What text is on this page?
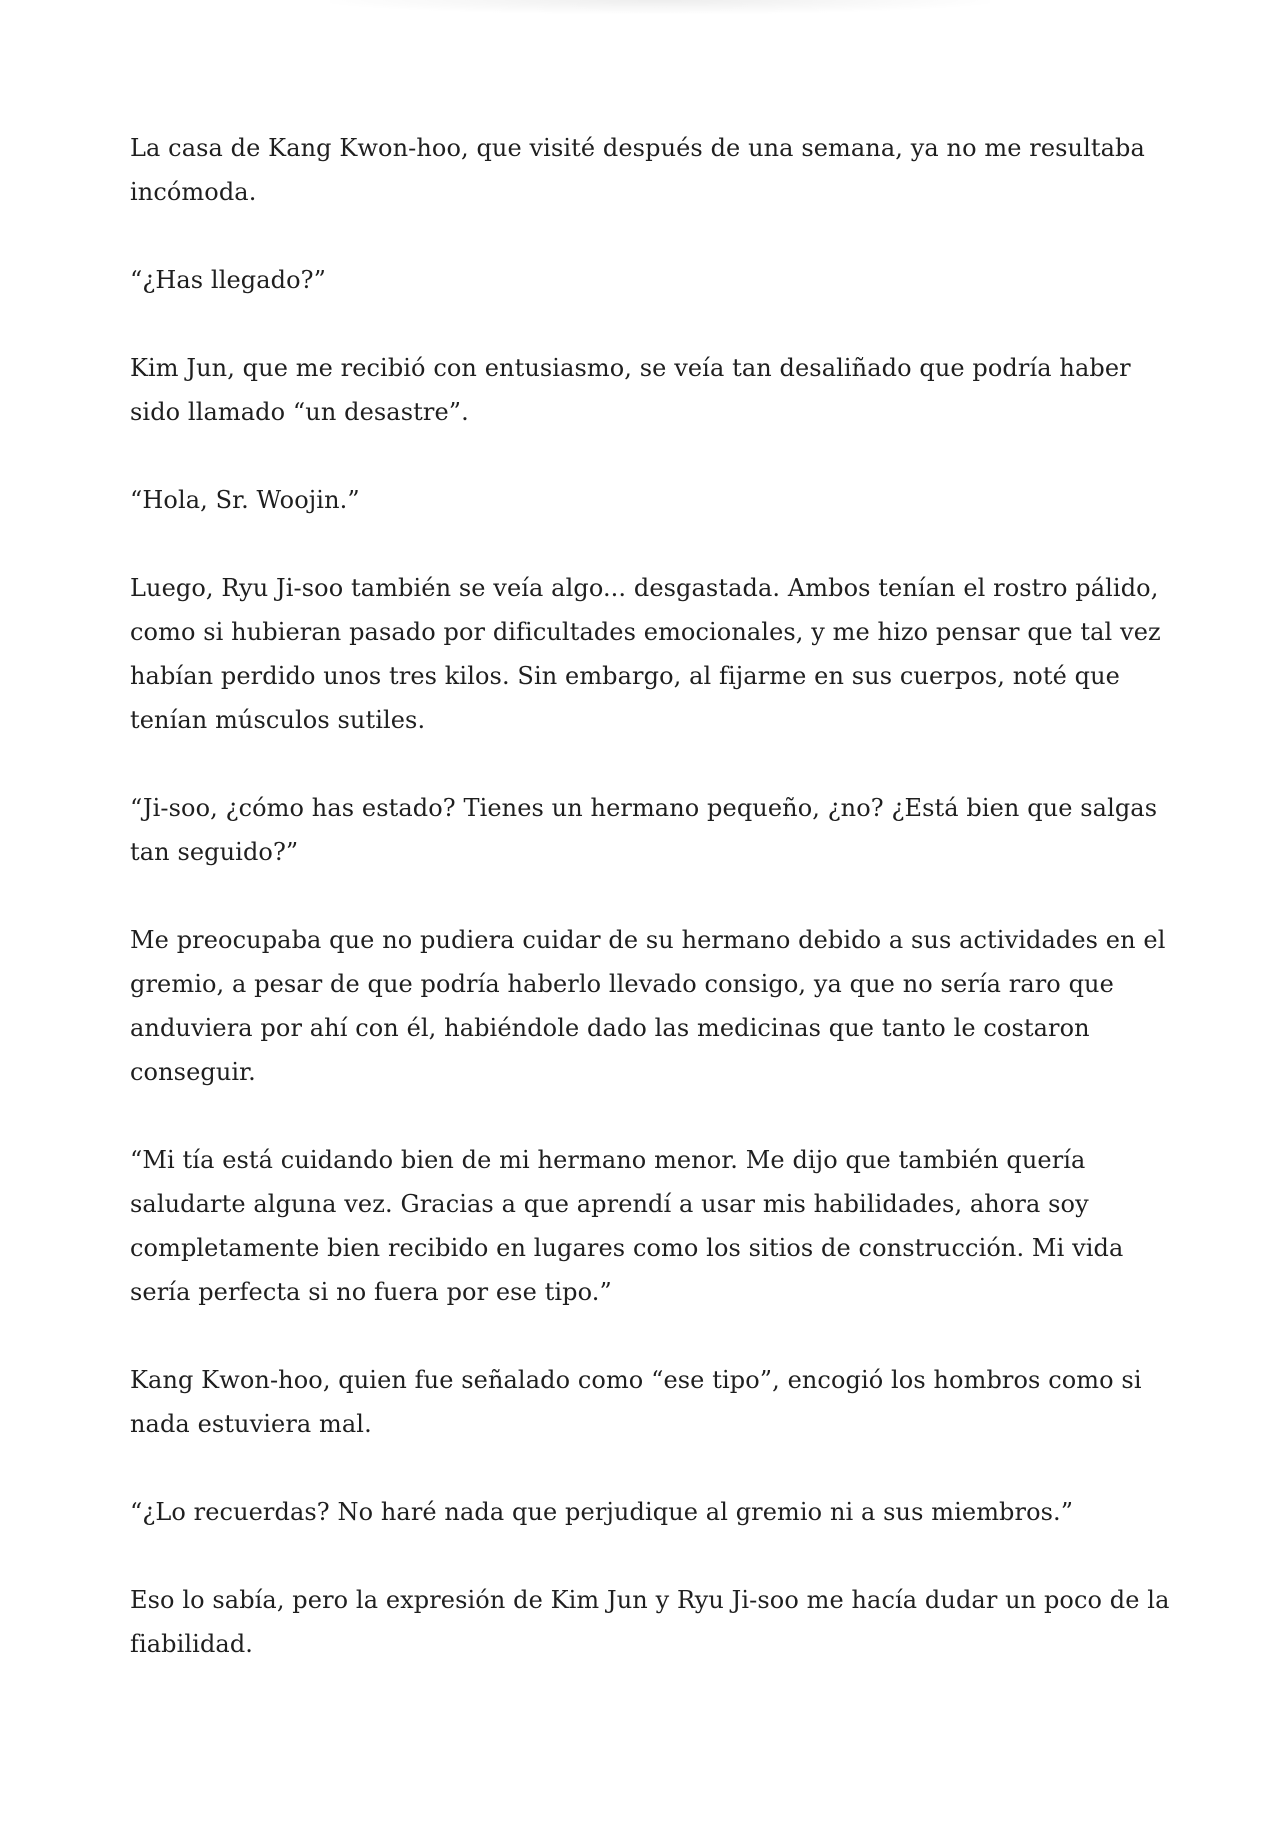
La casa de Kang Kwon-hoo, que visité después de una semana, ya no me resultaba incómoda.

“¿Has llegado?”

Kim Jun, que me recibió con entusiasmo, se veía tan desaliñado que podría haber sido llamado “un desastre”.

“Hola, Sr. Woojin.”

Luego, Ryu Ji-soo también se veía algo... desgastada. Ambos tenían el rostro pálido, como si hubieran pasado por dificultades emocionales, y me hizo pensar que tal vez habían perdido unos tres kilos. Sin embargo, al fijarme en sus cuerpos, noté que tenían músculos sutiles.

“Ji-soo, ¿cómo has estado? Tienes un hermano pequeño, ¿no? ¿Está bien que salgas tan seguido?”

Me preocupaba que no pudiera cuidar de su hermano debido a sus actividades en el gremio, a pesar de que podría haberlo llevado consigo, ya que no sería raro que anduviera por ahí con él, habiéndole dado las medicinas que tanto le costaron conseguir.

“Mi tía está cuidando bien de mi hermano menor. Me dijo que también quería saludarte alguna vez. Gracias a que aprendí a usar mis habilidades, ahora soy completamente bien recibido en lugares como los sitios de construcción. Mi vida sería perfecta si no fuera por ese tipo.”

Kang Kwon-hoo, quien fue señalado como “ese tipo”, encogió los hombros como si nada estuviera mal.

“¿Lo recuerdas? No haré nada que perjudique al gremio ni a sus miembros.”

Eso lo sabía, pero la expresión de Kim Jun y Ryu Ji-soo me hacía dudar un poco de la fiabilidad.
